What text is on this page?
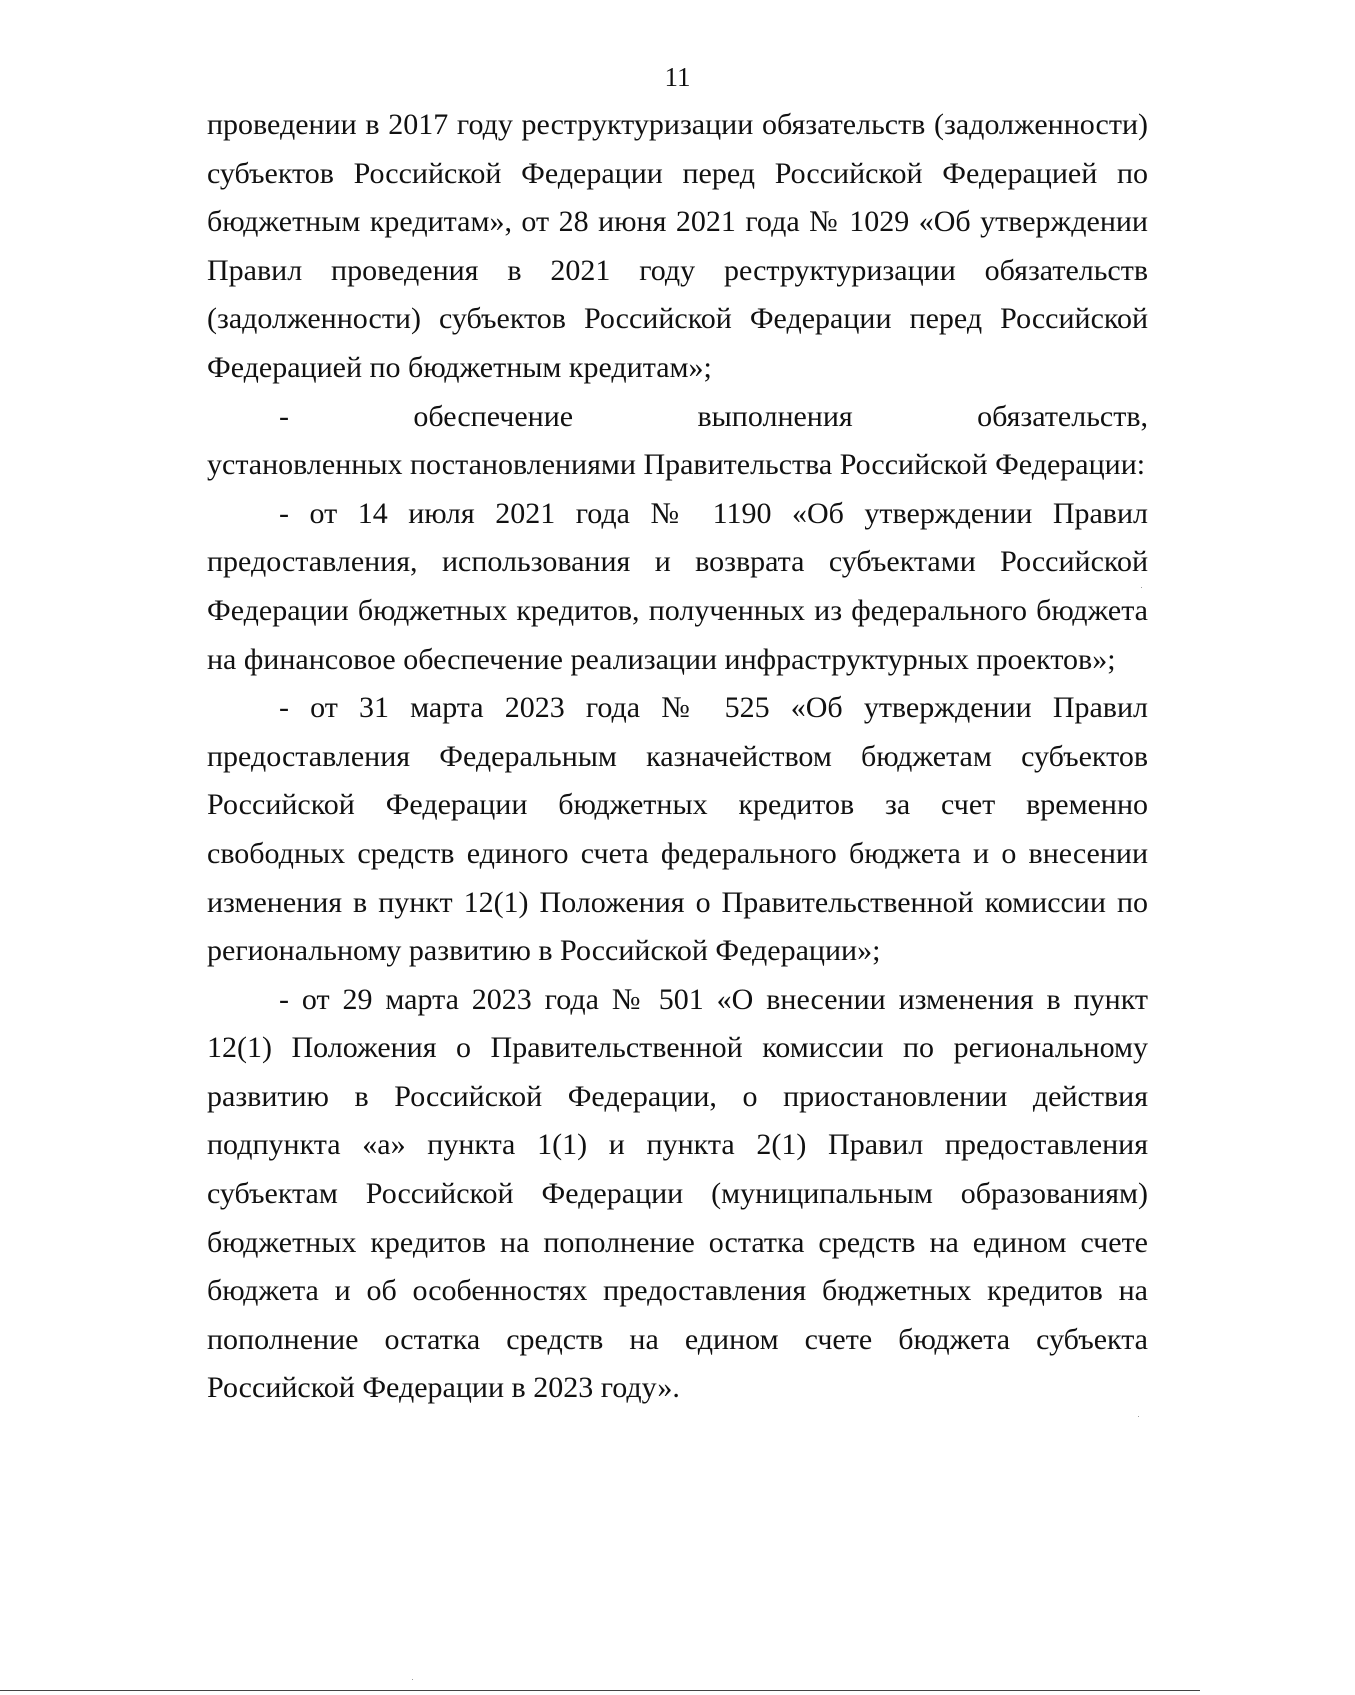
11

проведении в 2017 году реструктуризации обязательств (задолженности) субъектов Российской Федерации перед Российской Федерацией по бюджетным кредитам», от 28 июня 2021 года № 1029 «Об утверждении Правил проведения в 2021 году реструктуризации обязательств (задолженности) субъектов Российской Федерации перед Российской Федерацией по бюджетным кредитам»;

-        обеспечение        выполнения        обязательств,        установленных постановлениями Правительства Российской Федерации:

- от 14 июля 2021 года № 1190 «Об утверждении Правил предоставления, использования и возврата субъектами Российской Федерации бюджетных кредитов, полученных из федерального бюджета на финансовое обеспечение реализации инфраструктурных проектов»;

- от 31 марта 2023 года № 525 «Об утверждении Правил предоставления Федеральным казначейством бюджетам субъектов Российской Федерации бюджетных кредитов за счет временно свободных средств единого счета федерального бюджета и о внесении изменения в пункт 12(1) Положения о Правительственной комиссии по региональному развитию в Российской Федерации»;

- от 29 марта 2023 года № 501 «О внесении изменения в пункт 12(1) Положения о Правительственной комиссии по региональному развитию в Российской Федерации, о приостановлении действия подпункта «а» пункта 1(1) и пункта 2(1) Правил предоставления субъектам Российской Федерации (муниципальным образованиям) бюджетных кредитов на пополнение остатка средств на едином счете бюджета и об особенностях предоставления бюджетных кредитов на пополнение остатка средств на едином счете бюджета субъекта Российской Федерации в 2023 году».
